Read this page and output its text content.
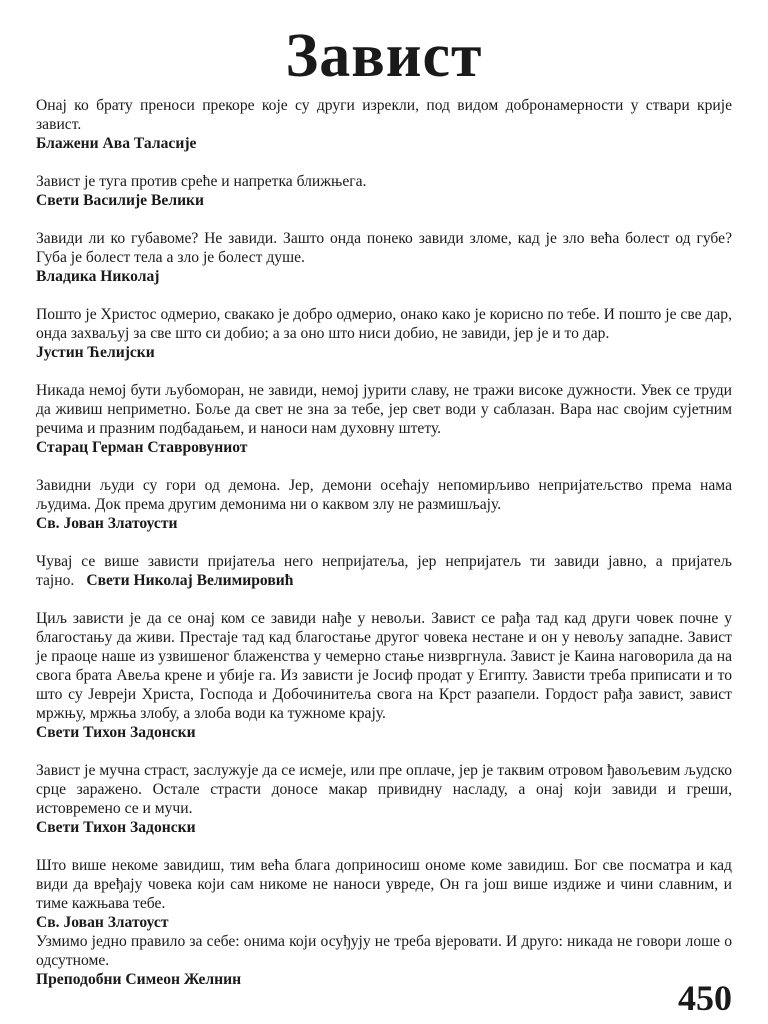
Завист
Онај ко брату преноси прекоре које су други изрекли, под видом добронамерности у ствари крије завист.
Блажени Ава Таласије
Завист је туга против среће и напретка ближњега.
Свети Василије Велики
Завиди ли ко губавоме? Не завиди. Зашто онда понеко завиди зломе, кад је зло већа болест од губе? Губа је болест тела а зло је болест душе.
Владика Николај
Пошто је Христос одмерио, свакако је добро одмерио, онако како је корисно по тебе. И пошто је све дар, онда захваљуј за све што си добио; а за оно што ниси добио, не завиди, јер је и то дар.
Јустин Ћелијски
Никада немој бути љубоморан, не завиди, немој јурити славу, не тражи високе дужности. Увек се труди да живиш неприметно. Боље да свет не зна за тебе, јер свет води у саблазан. Вара нас својим сујетним речима и празним подбадањем, и наноси нам духовну штету.
Старац Герман Ставровуниот
Завидни људи су гори од демона. Јер, демони осећају непомирљиво непријатељство према нама људима. Док према другим демонима ни о каквом злу не размишљају.
Св. Јован Златоусти
Чувај се више зависти пријатеља него непријатеља, јер непријатељ ти завиди јавно, а пријатељ тајно. Свети Николај Велимировић
Циљ зависти је да се онај ком се завиди нађе у невољи. Завист се рађа тад кад други човек почне у благостању да живи. Престаје тад кад благостање другог човека нестане и он у невољу западне. Завист је праоце наше из узвишеног блаженства у чемерно стање низвргнула. Завист је Каина наговорила да на свога брата Авеља крене и убије га. Из зависти је Јосиф продат у Египту. Зависти треба приписати и то што су Јевреји Христа, Господа и Добочинитеља свога на Крст разапели. Гордост рађа завист, завист мржњу, мржња злобу, а злоба води ка тужноме крају.
Свети Тихон Задонски
Завист је мучна страст, заслужује да се исмеје, или пре оплаче, јер је таквим отровом ђавољевим људско срце заражено. Остале страсти доносе макар привидну насладу, а онај који завиди и греши, истовремено се и мучи.
Свети Тихон Задонски
Што више некоме завидиш, тим већа блага доприносиш ономе коме завидиш. Бог све посматра и кад види да вређају човека који сам никоме не наноси увреде, Он га још више издиже и чини славним, и тиме кажњава тебе.
Св. Јован Златоуст
Узмимо једно правило за себе: онима који осуђују не треба вјеровати. И друго: никада не говори лоше о одсутноме.
Преподобни Симеон Желнин	450
